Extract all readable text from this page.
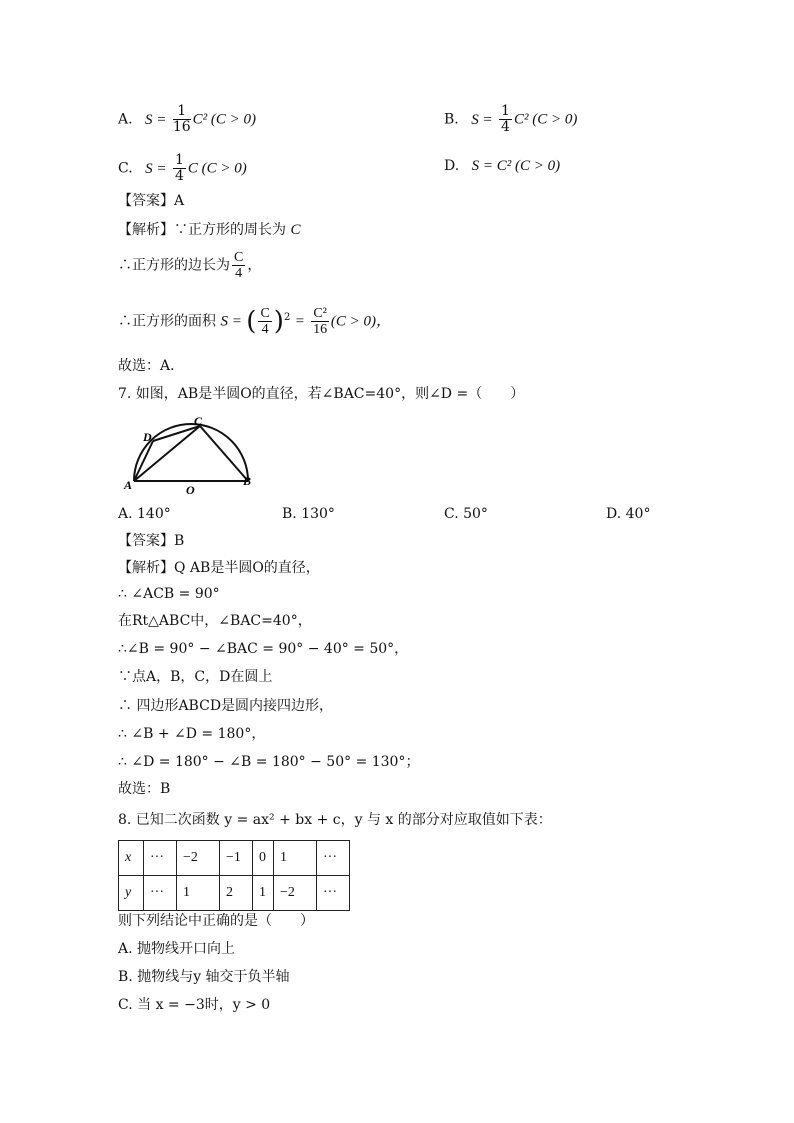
A. $S = \frac{1}{16} C^2$ (C > 0)	B. $S = \frac{1}{4} C^2$ (C > 0)
C. $S = \frac{1}{4}$ C (C > 0)	D. S = C² (C > 0)
【答案】A
【解析】∵正方形的周长为 C
∴正方形的边长为 $\frac{C}{4}$ ，
∴正方形的面积 S = ( $\frac{C}{4} )^2 = \frac{\text{C²}}{16} (C > 0)$，
故选：A．
7. 如图，AB是半圆O的直径，若∠BAC=40°，则∠D =（　　）
A	B
C
D
O
A. 140°	B. 130°	C. 50°	D. 40°
【答案】B
【解析】Q AB是半圆O的直径，
∴ ∠ACB = 90°
在Rt△ABC中，∠BAC=40°，
∴∠B = 90° − ∠BAC = 90° − 40° = 50°，
∵点A，B，C，D在圆上
∴ 四边形ABCD是圆内接四边形，
∴ ∠B + ∠D = 180°，
∴ ∠D = 180° − ∠B = 180° − 50° = 130°；
故选：B
8. 已知二次函数 y = ax² + bx + c，y 与 x 的部分对应取值如下表：
x	···	−2	−1	0	1	···
y	···	1	2	1	−2	···
则下列结论中正确的是（　　）
A. 抛物线开口向上
B. 抛物线与y 轴交于负半轴
C. 当 x = −3时，y > 0
